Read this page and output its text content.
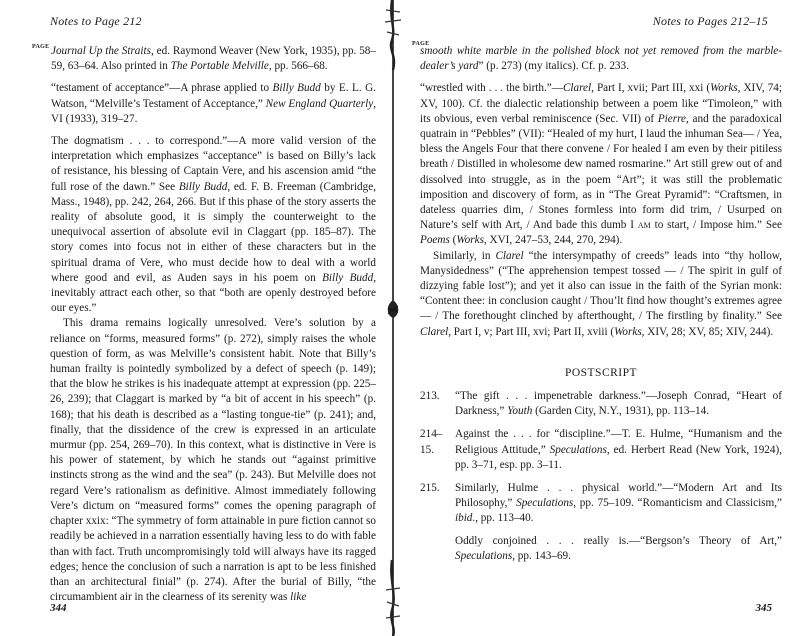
Notes to Page 212
PAGE Journal Up the Straits, ed. Raymond Weaver (New York, 1935), pp. 58–59, 63–64. Also printed in The Portable Melville, pp. 566–68.

“testament of acceptance”—A phrase applied to Billy Budd by E. L. G. Watson, “Melville’s Testament of Acceptance,” New England Quarterly, VI (1933), 319–27.

The dogmatism . . . to correspond.”—A more valid version of the interpretation which emphasizes “acceptance” is based on Billy’s lack of resistance, his blessing of Captain Vere, and his ascension amid “the full rose of the dawn.” See Billy Budd, ed. F. B. Freeman (Cambridge, Mass., 1948), pp. 242, 264, 266. But if this phase of the story asserts the reality of absolute good, it is simply the counterweight to the unequivocal assertion of absolute evil in Claggart (pp. 185–87). The story comes into focus not in either of these characters but in the spiritual drama of Vere, who must decide how to deal with a world where good and evil, as Auden says in his poem on Billy Budd, inevitably attract each other, so that “both are openly destroyed before our eyes.”

This drama remains logically unresolved. Vere’s solution by a reliance on “forms, measured forms” (p. 272), simply raises the whole question of form, as was Melville’s consistent habit. Note that Billy’s human frailty is pointedly symbolized by a defect of speech (p. 149); that the blow he strikes is his inadequate attempt at expression (pp. 225–26, 239); that Claggart is marked by “a bit of accent in his speech” (p. 168); that his death is described as a “lasting tongue-tie” (p. 241); and, finally, that the dissidence of the crew is expressed in an articulate murmur (pp. 254, 269–70). In this context, what is distinctive in Vere is his power of statement, by which he stands out “against primitive instincts strong as the wind and the sea” (p. 243). But Melville does not regard Vere’s rationalism as definitive. Almost immediately following Vere’s dictum on “measured forms” comes the opening paragraph of chapter xxix: “The symmetry of form attainable in pure fiction cannot so readily be achieved in a narration essentially having less to do with fable than with fact. Truth uncompromisingly told will always have its ragged edges; hence the conclusion of such a narration is apt to be less finished than an architectural finial” (p. 274). After the burial of Billy, “the circumambient air in the clearness of its serenity was like

344
Notes to Pages 212–15
PAGE

smooth white marble in the polished block not yet removed from the marble-dealer’s yard” (p. 273) (my italics). Cf. p. 233.

“wrestled with . . . the birth.”—Clarel, Part I, xvii; Part III, xxi (Works, XIV, 74; XV, 100). Cf. the dialectic relationship between a poem like “Timoleon,” with its obvious, even verbal reminiscence (Sec. VII) of Pierre, and the paradoxical quatrain in “Pebbles” (VII): “Healed of my hurt, I laud the inhuman Sea— / Yea, bless the Angels Four that there convene / For healed I am even by their pitiless breath / Distilled in wholesome dew named rosmarine.” Art still grew out of and dissolved into struggle, as in the poem “Art”; it was still the problematic imposition and discovery of form, as in “The Great Pyramid”: “Craftsmen, in dateless quarries dim, / Stones formless into form did trim, / Usurped on Nature’s self with Art, / And bade this dumb I am to start, / Impose him.” See Poems (Works, XVI, 247–53, 244, 270, 294).

Similarly, in Clarel “the intersympathy of creeds” leads into “thy hollow, Manysidedness” (“The apprehension tempest tossed — / The spirit in gulf of dizzying fable lost”); and yet it also can issue in the faith of the Syrian monk: “Content thee: in conclusion caught / Thou’lt find how thought’s extremes agree— / The forethought clinched by afterthought, / The firstling by finality.” See Clarel, Part I, v; Part III, xvi; Part II, xviii (Works, XIV, 28; XV, 85; XIV, 244).

POSTSCRIPT

213.	“The gift . . . impenetrable darkness.”—Joseph Conrad, “Heart of Darkness,” Youth (Garden City, N.Y., 1931), pp. 113–14.
214–15.
Against the . . . for “discipline.”—T. E. Hulme, “Humanism and the Religious Attitude,” Speculations, ed. Herbert Read (New York, 1924), pp. 3–71, esp. pp. 3–11.
215.	Similarly, Hulme . . . physical world.”—“Modern Art and Its Philosophy,” Speculations, pp. 75–109. “Romanticism and Classicism,” ibid., pp. 113–40.
Oddly conjoined . . . really is.—“Bergson’s Theory of Art,” Speculations, pp. 143–69.
345
